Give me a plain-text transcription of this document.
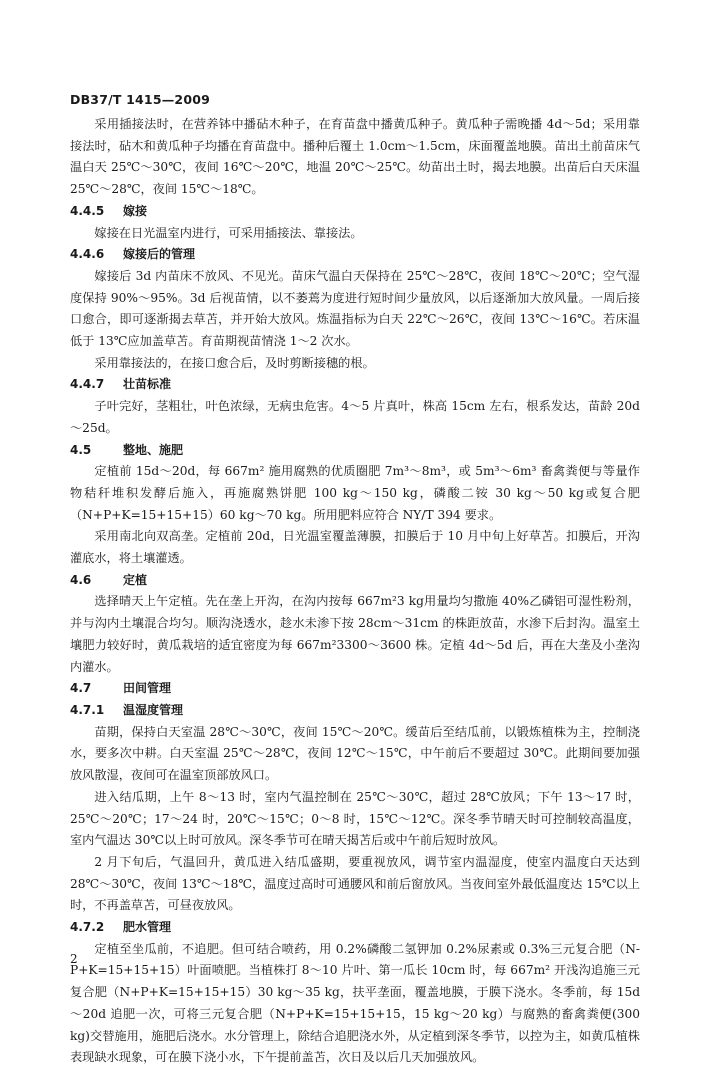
DB37/T 1415—2009

采用插接法时，在营养钵中播砧木种子，在育苗盘中播黄瓜种子。黄瓜种子需晚播 4d～5d；采用靠接法时，砧木和黄瓜种子均播在育苗盘中。播种后覆土 1.0cm～1.5cm，床面覆盖地膜。苗出土前苗床气温白天 25℃～30℃，夜间 16℃～20℃，地温 20℃～25℃。幼苗出土时，揭去地膜。出苗后白天床温 25℃～28℃，夜间 15℃～18℃。

4.4.5 嫁接

嫁接在日光温室内进行，可采用插接法、靠接法。

4.4.6 嫁接后的管理

嫁接后 3d 内苗床不放风、不见光。苗床气温白天保持在 25℃～28℃，夜间 18℃～20℃；空气湿度保持 90%～95%。3d 后视苗情，以不萎蔫为度进行短时间少量放风，以后逐渐加大放风量。一周后接口愈合，即可逐渐揭去草苫，并开始大放风。炼温指标为白天 22℃～26℃，夜间 13℃～16℃。若床温低于 13℃应加盖草苫。育苗期视苗情浇 1～2 次水。

采用靠接法的，在接口愈合后，及时剪断接穗的根。

4.4.7 壮苗标准

子叶完好，茎粗壮，叶色浓绿，无病虫危害。4～5 片真叶，株高 15cm 左右，根系发达，苗龄 20d～25d。

4.5	整地、施肥

定植前 15d～20d，每 667m² 施用腐熟的优质圈肥 7m³～8m³，或 5m³～6m³ 畜禽粪便与等量作物秸秆堆积发酵后施入，再施腐熟饼肥 100 kg～150 kg，磷酸二铵 30 kg～50 kg或复合肥（N+P+K=15+15+15）60 kg～70 kg。所用肥料应符合 NY/T 394 要求。

采用南北向双高垄。定植前 20d，日光温室覆盖薄膜，扣膜后于 10 月中旬上好草苫。扣膜后，开沟灌底水，将土壤灌透。

4.6	定植

选择晴天上午定植。先在垄上开沟，在沟内按每 667m²3 kg用量均匀撒施 40%乙磷铝可湿性粉剂，并与沟内土壤混合均匀。顺沟浇透水，趁水未渗下按 28cm～31cm 的株距放苗，水渗下后封沟。温室土壤肥力较好时，黄瓜栽培的适宜密度为每 667m²3300～3600 株。定植 4d～5d 后，再在大垄及小垄沟内灌水。

4.7	田间管理
4.7.1 温湿度管理

苗期，保持白天室温 28℃～30℃，夜间 15℃～20℃。缓苗后至结瓜前，以锻炼植株为主，控制浇水，要多次中耕。白天室温 25℃～28℃，夜间 12℃～15℃，中午前后不要超过 30℃。此期间要加强放风散湿，夜间可在温室顶部放风口。

进入结瓜期，上午 8～13 时，室内气温控制在 25℃～30℃，超过 28℃放风；下午 13～17 时，25℃～20℃；17～24 时，20℃～15℃；0～8 时，15℃～12℃。深冬季节晴天时可控制较高温度，室内气温达 30℃以上时可放风。深冬季节可在晴天揭苫后或中午前后短时放风。

2 月下旬后，气温回升，黄瓜进入结瓜盛期，要重视放风，调节室内温湿度，使室内温度白天达到 28℃～30℃，夜间 13℃～18℃，温度过高时可通腰风和前后窗放风。当夜间室外最低温度达 15℃以上时，不再盖草苫，可昼夜放风。

4.7.2 肥水管理

定植至坐瓜前，不追肥。但可结合喷药，用 0.2%磷酸二氢钾加 0.2%尿素或 0.3%三元复合肥（N-P+K=15+15+15）叶面喷肥。当植株打 8～10 片叶、第一瓜长 10cm 时，每 667m² 开浅沟追施三元复合肥（N+P+K=15+15+15）30 kg～35 kg，扶平垄面，覆盖地膜，于膜下浇水。冬季前，每 15d～20d 追肥一次，可将三元复合肥（N+P+K=15+15+15，15 kg～20 kg）与腐熟的畜禽粪便(300 kg)交替施用，施肥后浇水。水分管理上，除结合追肥浇水外，从定植到深冬季节，以控为主，如黄瓜植株表现缺水现象，可在膜下浇小水，下午提前盖苫，次日及以后几天加强放风。

2
